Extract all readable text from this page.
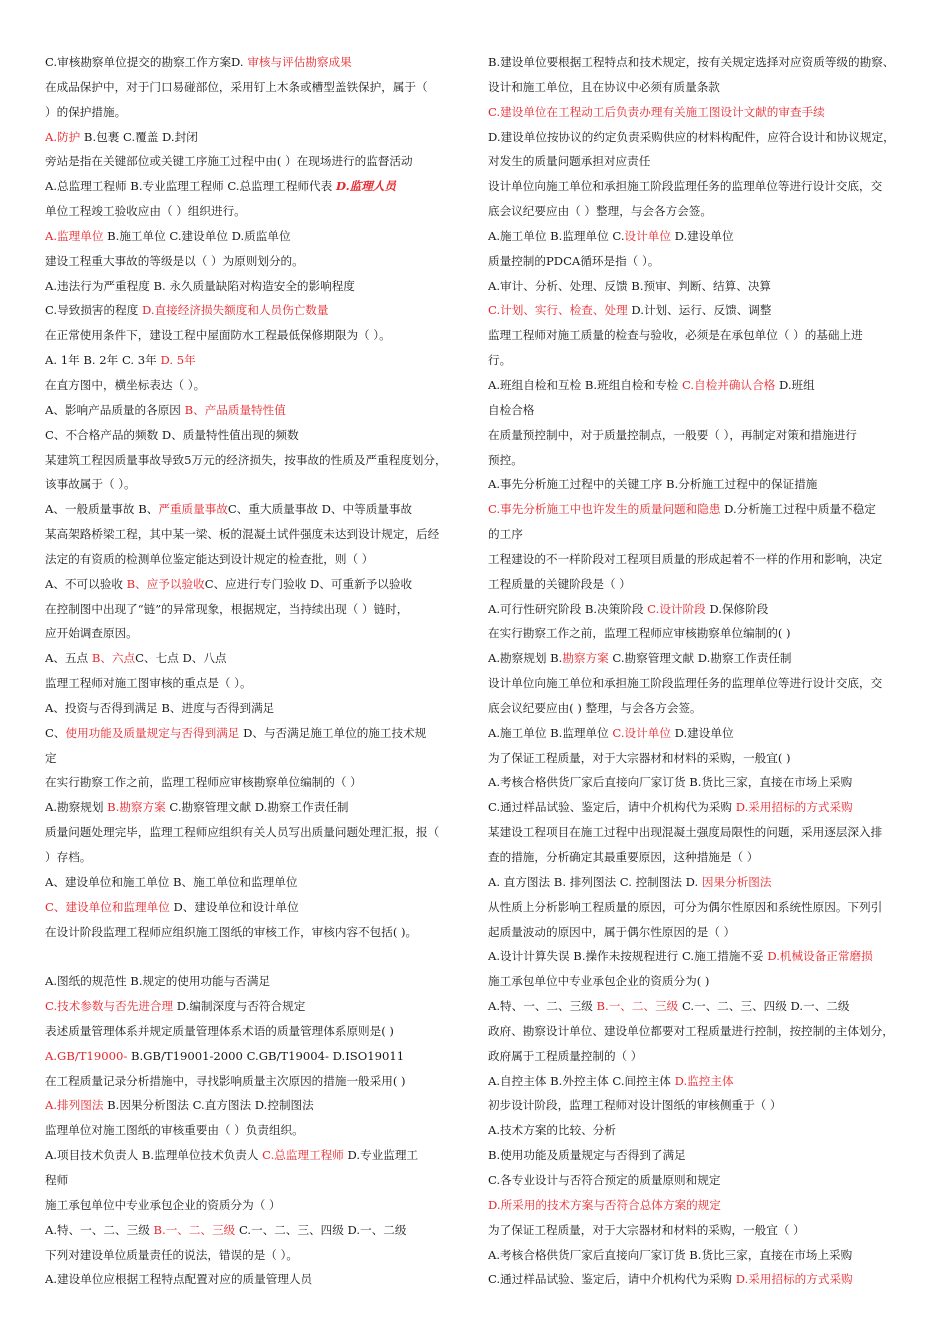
C.审核勘察单位提交的勘察工作方案D. 审核与评估勘察成果
在成品保护中，对于门口易碰部位，采用钉上木条或槽型盖铁保护，属于（
）的保护措施。
A.防护 B.包裹 C.覆盖 D.封闭
旁站是指在关键部位或关键工序施工过程中由( ）在现场进行的监督活动
A.总监理工程师 B.专业监理工程师 C.总监理工程师代表 D.监理人员
单位工程竣工验收应由（ ）组织进行。
A.监理单位 B.施工单位 C.建设单位 D.质监单位
建设工程重大事故的等级是以（ ）为原则划分的。
A.违法行为严重程度 B. 永久质量缺陷对构造安全的影响程度
C.导致损害的程度 D.直接经济损失额度和人员伤亡数量
在正常使用条件下，建设工程中屋面防水工程最低保修期限为（ ）。
A. 1年 B. 2年 C. 3年 D. 5年
在直方图中，横坐标表达（ ）。
A、影响产品质量的各原因 B、产品质量特性值
C、不合格产品的频数 D、质量特性值出现的频数
某建筑工程因质量事故导致5万元的经济损失，按事故的性质及严重程度划分，
该事故属于（ ）。
A、一般质量事故 B、严重质量事故C、重大质量事故 D、中等质量事故
某高架路桥梁工程，其中某一梁、板的混凝土试件强度未达到设计规定，后经
法定的有资质的检测单位鉴定能达到设计规定的检查批，则（ ）
A、不可以验收 B、应予以验收C、应进行专门验收 D、可重新予以验收
在控制图中出现了“链”的异常现象，根据规定，当持续出现（ ）链时，
应开始调查原因。
A、五点 B、六点C、七点 D、八点
监理工程师对施工图审核的重点是（ ）。
A、投资与否得到满足 B、进度与否得到满足
C、使用功能及质量规定与否得到满足 D、与否满足施工单位的施工技术规
定
在实行勘察工作之前，监理工程师应审核勘察单位编制的（ ）
A.勘察规划 B.勘察方案 C.勘察管理文献 D.勘察工作责任制
质量问题处理完毕，监理工程师应组织有关人员写出质量问题处理汇报，报（
）存档。
A、建设单位和施工单位 B、施工单位和监理单位
C、建设单位和监理单位 D、建设单位和设计单位
在设计阶段监理工程师应组织施工图纸的审核工作，审核内容不包括( )。
A.图纸的规范性 B.规定的使用功能与否满足
C.技术参数与否先进合理 D.编制深度与否符合规定
表述质量管理体系并规定质量管理体系术语的质量管理体系原则是( )
A.GB/T19000- B.GB/T19001-2000 C.GB/T19004- D.ISO19011
在工程质量记录分析措施中，寻找影响质量主次原因的措施一般采用( )
A.排列图法 B.因果分析图法 C.直方图法 D.控制图法
监理单位对施工图纸的审核重要由（ ）负责组织。
A.项目技术负责人 B.监理单位技术负责人 C.总监理工程师 D.专业监理工
程师
施工承包单位中专业承包企业的资质分为（ ）
A.特、一、二、三级 B.一、二、三级 C.一、二、三、四级 D.一、二级
下列对建设单位质量责任的说法，错误的是（ ）。
A.建设单位应根据工程特点配置对应的质量管理人员
B.建设单位要根据工程特点和技术规定，按有关规定选择对应资质等级的勘察、
设计和施工单位，且在协议中必须有质量条款
C.建设单位在工程动工后负责办理有关施工图设计文献的审查手续
D.建设单位按协议的约定负责采购供应的材料构配件，应符合设计和协议规定，
对发生的质量问题承担对应责任
设计单位向施工单位和承担施工阶段监理任务的监理单位等进行设计交底，交
底会议纪要应由（ ）整理，与会各方会签。
A.施工单位 B.监理单位 C.设计单位 D.建设单位
质量控制的PDCA循环是指（ ）。
A.审计、分析、处理、反馈 B.预审、判断、结算、决算
C.计划、实行、检查、处理 D.计划、运行、反馈、调整
监理工程师对施工质量的检查与验收，必须是在承包单位（ ）的基础上进
行。
A.班组自检和互检 B.班组自检和专检 C.自检并确认合格 D.班组
自检合格
在质量预控制中，对于质量控制点，一般要（ ），再制定对策和措施进行
预控。
A.事先分析施工过程中的关键工序 B.分析施工过程中的保证措施
C.事先分析施工中也许发生的质量问题和隐患 D.分析施工过程中质量不稳定
的工序
工程建设的不一样阶段对工程项目质量的形成起着不一样的作用和影响，决定
工程质量的关键阶段是（ ）
A.可行性研究阶段 B.决策阶段 C.设计阶段 D.保修阶段
在实行勘察工作之前，监理工程师应审核勘察单位编制的( )
A.勘察规划 B.勘察方案 C.勘察管理文献 D.勘察工作责任制
设计单位向施工单位和承担施工阶段监理任务的监理单位等进行设计交底，交
底会议纪要应由( ) 整理，与会各方会签。
A.施工单位 B.监理单位 C.设计单位 D.建设单位
为了保证工程质量，对于大宗器材和材料的采购，一般宜( )
A.考核合格供货厂家后直接向厂家订货 B.货比三家，直接在市场上采购
C.通过样品试验、鉴定后，请中介机构代为采购 D.采用招标的方式采购
某建设工程项目在施工过程中出现混凝土强度局限性的问题，采用逐层深入排
查的措施，分析确定其最重要原因，这种措施是（ ）
A. 直方图法 B. 排列图法 C. 控制图法 D. 因果分析图法
从性质上分析影响工程质量的原因，可分为偶尔性原因和系统性原因。下列引
起质量波动的原因中，属于偶尔性原因的是（ ）
A.设计计算失误 B.操作未按规程进行 C.施工措施不妥 D.机械设备正常磨损
施工承包单位中专业承包企业的资质分为( )
A.特、一、二、三级 B.一、二、三级 C.一、二、三、四级 D.一、二级
政府、勘察设计单位、建设单位都要对工程质量进行控制，按控制的主体划分，
政府属于工程质量控制的（ ）
A.自控主体 B.外控主体 C.间控主体 D.监控主体
初步设计阶段，监理工程师对设计图纸的审核侧重于（ ）
A.技术方案的比较、分析
B.使用功能及质量规定与否得到了满足
C.各专业设计与否符合预定的质量原则和规定
D.所采用的技术方案与否符合总体方案的规定
为了保证工程质量，对于大宗器材和材料的采购，一般宜（ ）
A.考核合格供货厂家后直接向厂家订货 B.货比三家，直接在市场上采购
C.通过样品试验、鉴定后，请中介机构代为采购 D.采用招标的方式采购
